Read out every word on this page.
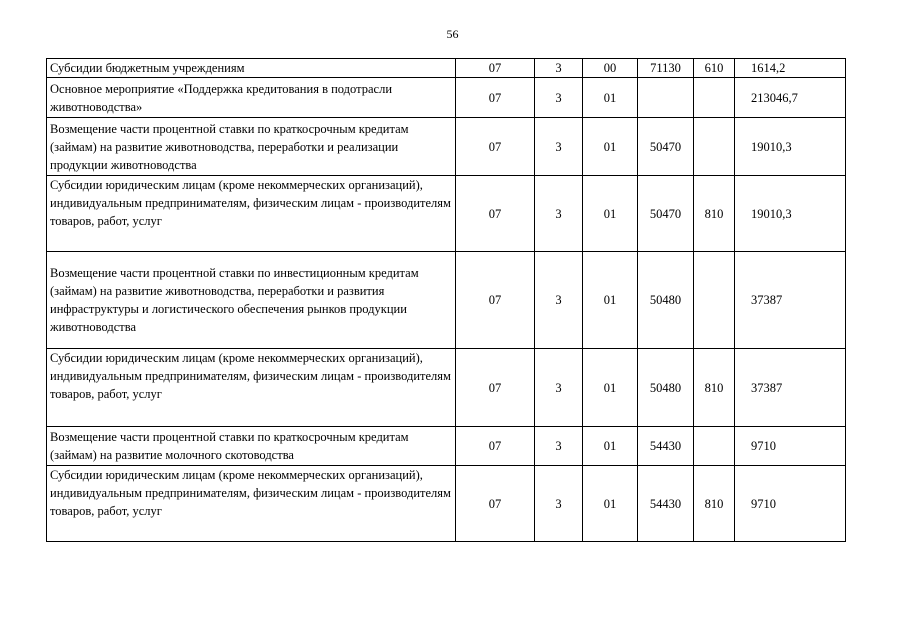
56
Субсидии бюджетным учреждениям	07	3	00	71130	610	1614,2
Основное мероприятие «Поддержка кредитования в подотрасли животноводства»	07	3	01			213046,7
Возмещение части процентной ставки по краткосрочным кредитам (займам) на развитие животноводства, переработки и реализации продукции животноводства	07	3	01	50470		19010,3
Субсидии юридическим лицам (кроме некоммерческих организаций), индивидуальным предпринимателям, физическим лицам - производителям товаров, работ, услуг	07	3	01	50470	810	19010,3
Возмещение части процентной ставки по инвестиционным кредитам (займам) на развитие животноводства, переработки и развития инфраструктуры и логистического обеспечения рынков продукции животноводства	07	3	01	50480		37387
Субсидии юридическим лицам (кроме некоммерческих организаций), индивидуальным предпринимателям, физическим лицам - производителям товаров, работ, услуг	07	3	01	50480	810	37387
Возмещение части процентной ставки по краткосрочным кредитам (займам) на развитие молочного скотоводства	07	3	01	54430		9710
Субсидии юридическим лицам (кроме некоммерческих организаций), индивидуальным предпринимателям, физическим лицам - производителям товаров, работ, услуг	07	3	01	54430	810	9710
